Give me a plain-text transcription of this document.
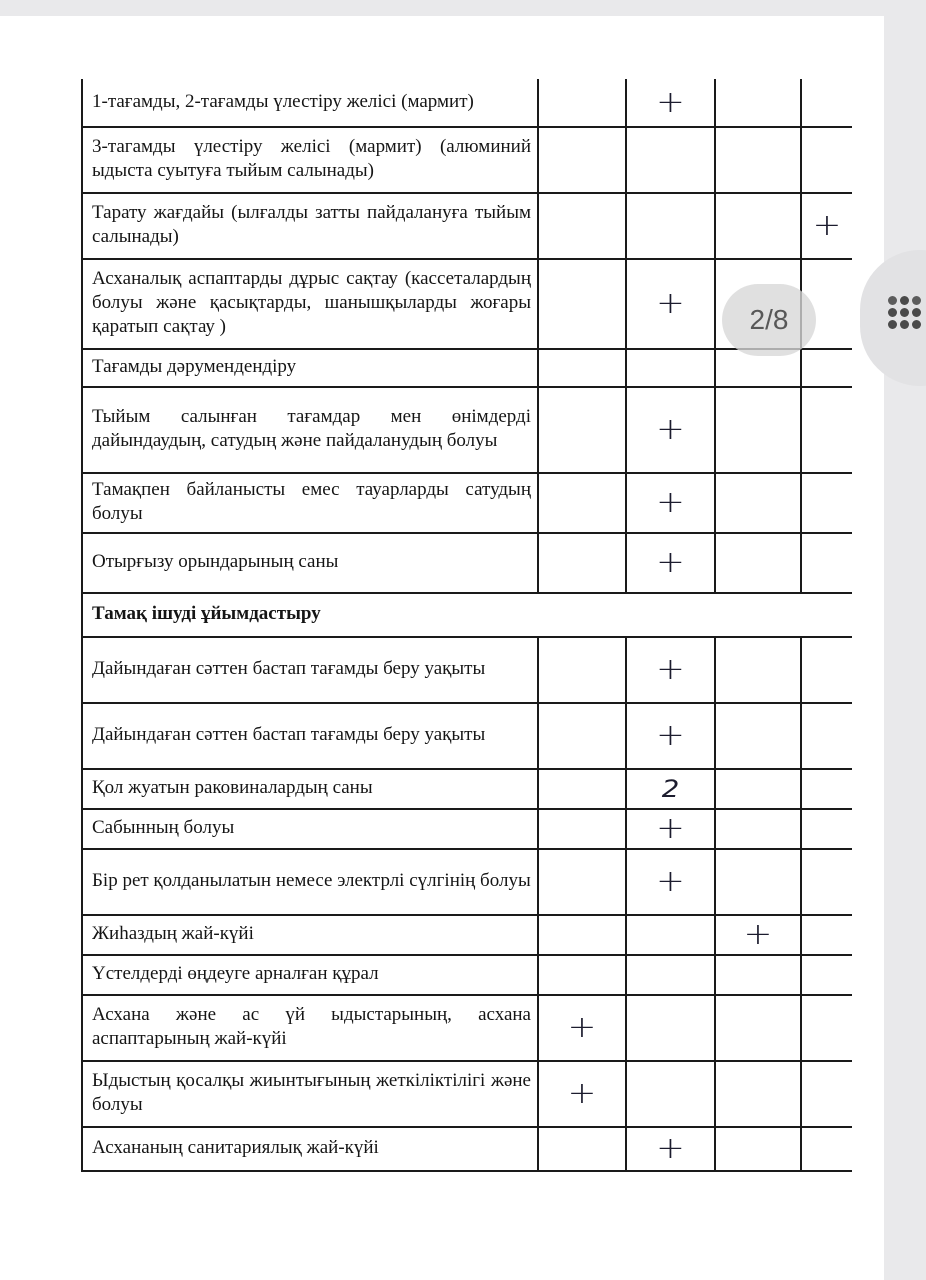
1-тағамды, 2-тағамды үлестіру желісі (мармит)		+		

3-тагамды үлестіру желісі (мармит) (алюминий ыдыста суытуға тыйым салынады)	

Тарату жағдайы (ылғалды затты пайдалануға тыйым салынады)				+

Асханалық аспаптарды дұрыс сақтау (кассеталардың болуы және қасықтарды, шанышқыларды жоғары қаратып сақтау )		+		

Тағамды дәрумендендіру	

Тыйым салынған тағамдар мен өнімдерді дайындаудың, сатудың және пайдаланудың болуы		+		

Тамақпен байланысты емес тауарларды сатудың болуы		+		

Отырғызу орындарының саны		+		

Тамақ ішуді ұйымдастыру				
Дайындаған сәттен бастап тағамды беру уақыты		+		

Дайындаған сәттен бастап тағамды беру уақыты		+		

Қол жуатын раковиналардың саны		2		

Сабынның болуы		+		

Бір рет қолданылатын немесе электрлі сүлгінің болуы		+		

Жиһаздың жай-күйі			+	

Үстелдерді өңдеуге арналған құрал	

Асхана және ас үй ыдыстарының, асхана аспаптарының жай-күйі	+			

Ыдыстың қосалқы жиынтығының жеткіліктілігі және болуы	+			

Асхананың санитариялық жай-күйі		+		

2/8
